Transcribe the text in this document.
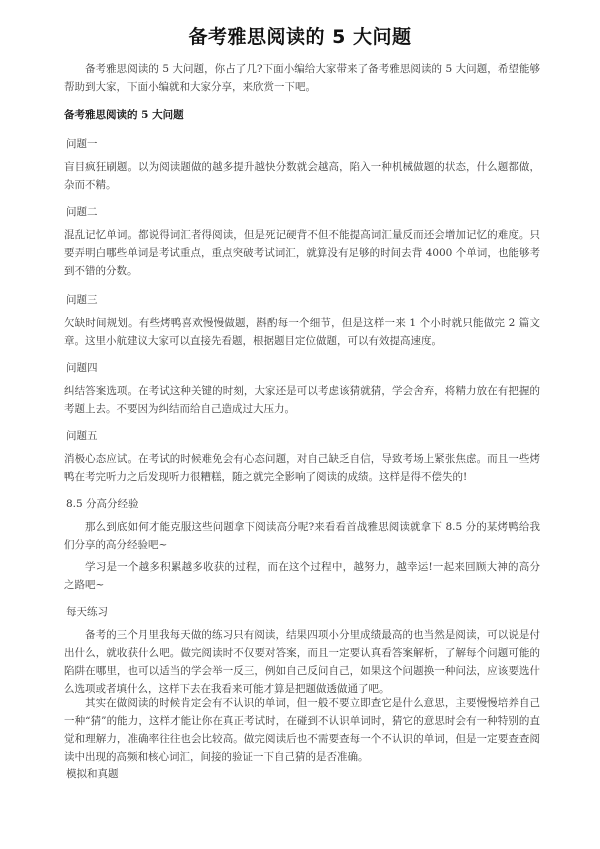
备考雅思阅读的 5 大问题

备考雅思阅读的 5 大问题，你占了几?下面小编给大家带来了备考雅思阅读的 5 大问题，希望能够帮助到大家，下面小编就和大家分享，来欣赏一下吧。

备考雅思阅读的 5 大问题

问题一

盲目疯狂刷题。以为阅读题做的越多提升越快分数就会越高，陷入一种机械做题的状态，什么题都做，杂而不精。

问题二

混乱记忆单词。都说得词汇者得阅读，但是死记硬背不但不能提高词汇量反而还会增加记忆的难度。只要弄明白哪些单词是考试重点，重点突破考试词汇，就算没有足够的时间去背 4000 个单词，也能够考到不错的分数。

问题三

欠缺时间规划。有些烤鸭喜欢慢慢做题，斟酌每一个细节，但是这样一来 1 个小时就只能做完 2 篇文章。这里小航建议大家可以直接先看题，根据题目定位做题，可以有效提高速度。

问题四

纠结答案选项。在考试这种关键的时刻，大家还是可以考虑该猜就猜，学会舍弃，将精力放在有把握的考题上去。不要因为纠结而给自己造成过大压力。

问题五

消极心态应试。在考试的时候难免会有心态问题，对自己缺乏自信，导致考场上紧张焦虑。而且一些烤鸭在考完听力之后发现听力很糟糕，随之就完全影响了阅读的成绩。这样是得不偿失的!

8.5 分高分经验

那么到底如何才能克服这些问题拿下阅读高分呢?来看看首战雅思阅读就拿下 8.5 分的某烤鸭给我们分享的高分经验吧~

学习是一个越多积累越多收获的过程，而在这个过程中，越努力，越幸运!一起来回顾大神的高分之路吧~

每天练习

备考的三个月里我每天做的练习只有阅读，结果四项小分里成绩最高的也当然是阅读，可以说是付出什么，就收获什么吧。做完阅读时不仅要对答案，而且一定要认真看答案解析，了解每个问题可能的陷阱在哪里，也可以适当的学会举一反三，例如自己反问自己，如果这个问题换一种问法，应该要选什么选项或者填什么，这样下去在我看来可能才算是把题做透做通了吧。

其实在做阅读的时候肯定会有不认识的单词，但一般不要立即查它是什么意思，主要慢慢培养自己一种“猜”的能力，这样才能让你在真正考试时，在碰到不认识单词时，猜它的意思时会有一种特别的直觉和理解力，准确率往往也会比较高。做完阅读后也不需要查每一个不认识的单词，但是一定要查查阅读中出现的高频和核心词汇，间接的验证一下自己猜的是否准确。

模拟和真题
